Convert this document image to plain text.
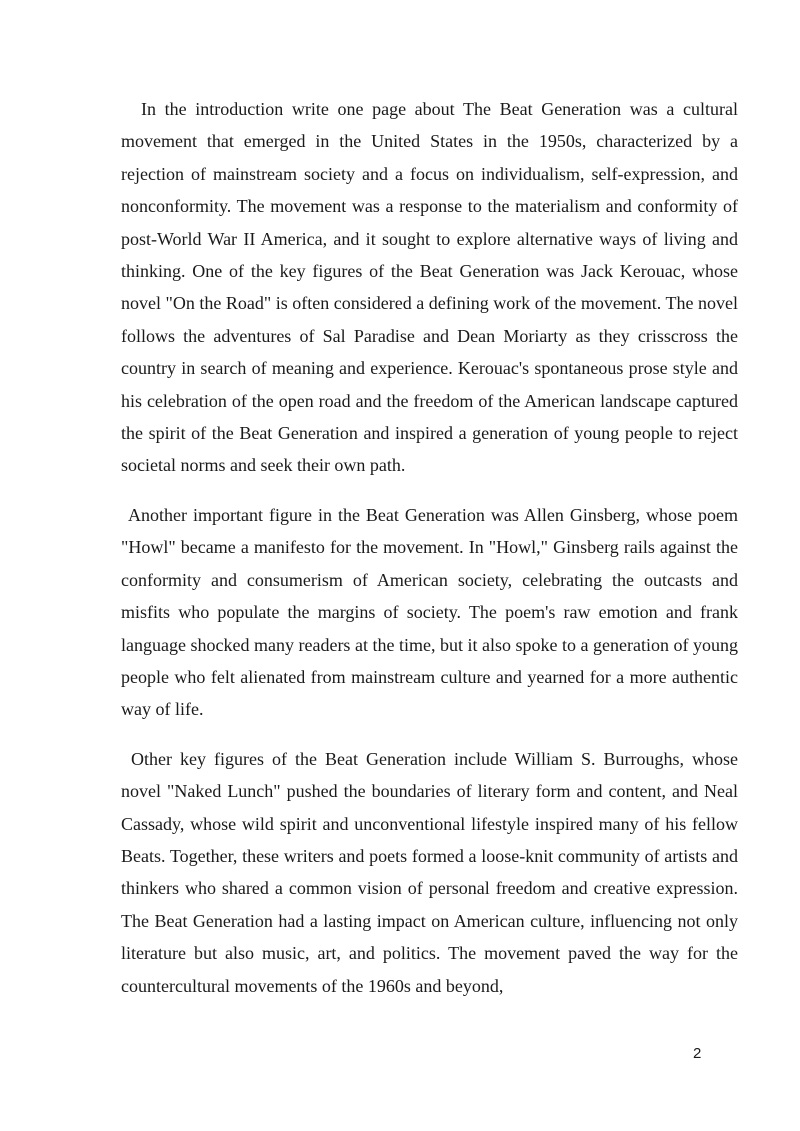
In the introduction write one page about The Beat Generation was a cultural movement that emerged in the United States in the 1950s, characterized by a rejection of mainstream society and a focus on individualism, self-expression, and nonconformity. The movement was a response to the materialism and conformity of post-World War II America, and it sought to explore alternative ways of living and thinking. One of the key figures of the Beat Generation was Jack Kerouac, whose novel "On the Road" is often considered a defining work of the movement. The novel follows the adventures of Sal Paradise and Dean Moriarty as they crisscross the country in search of meaning and experience. Kerouac's spontaneous prose style and his celebration of the open road and the freedom of the American landscape captured the spirit of the Beat Generation and inspired a generation of young people to reject societal norms and seek their own path.

Another important figure in the Beat Generation was Allen Ginsberg, whose poem "Howl" became a manifesto for the movement. In "Howl," Ginsberg rails against the conformity and consumerism of American society, celebrating the outcasts and misfits who populate the margins of society. The poem's raw emotion and frank language shocked many readers at the time, but it also spoke to a generation of young people who felt alienated from mainstream culture and yearned for a more authentic way of life.

Other key figures of the Beat Generation include William S. Burroughs, whose novel "Naked Lunch" pushed the boundaries of literary form and content, and Neal Cassady, whose wild spirit and unconventional lifestyle inspired many of his fellow Beats. Together, these writers and poets formed a loose-knit community of artists and thinkers who shared a common vision of personal freedom and creative expression. The Beat Generation had a lasting impact on American culture, influencing not only literature but also music, art, and politics. The movement paved the way for the countercultural movements of the 1960s and beyond,

2
